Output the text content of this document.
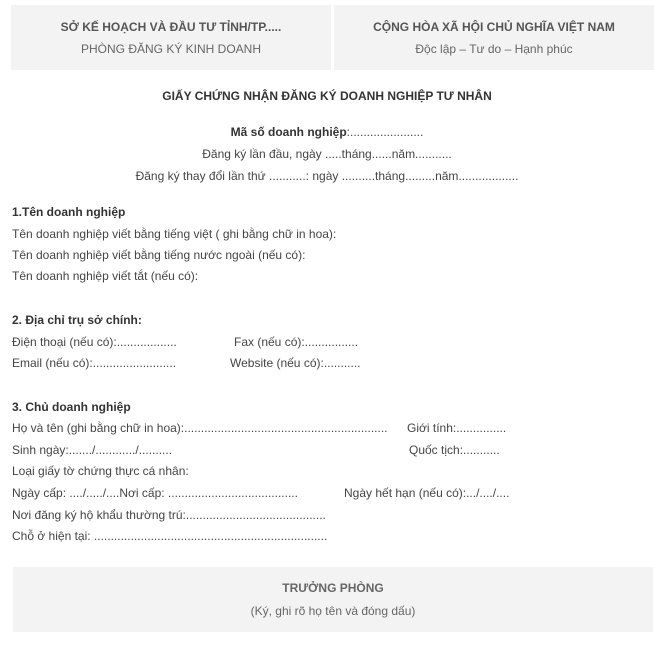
SỞ KẾ HOẠCH VÀ ĐẦU TƯ TỈNH/TP.....
PHÒNG ĐĂNG KÝ KINH DOANH
CỘNG HÒA XÃ HỘI CHỦ NGHĨA VIỆT NAM
Độc lập – Tư do – Hạnh phúc
GIẤY CHỨNG NHẬN ĐĂNG KÝ DOANH NGHIỆP TƯ NHÂN
Mã số doanh nghiệp:......................
Đăng ký lần đầu, ngày .....tháng......năm...........
Đăng ký thay đổi lần thứ ...........: ngày ..........tháng.........năm..................
1.Tên doanh nghiệp
Tên doanh nghiệp viết bằng tiếng việt ( ghi bằng chữ in hoa):
Tên doanh nghiệp viết bằng tiếng nước ngoài (nếu có):
Tên doanh nghiệp viết tắt (nếu có):
2. Địa chỉ trụ sở chính:
Điện thoại (nếu có):..................	Fax (nếu có):................
Email (nếu có):.........................	Website (nếu có):...........
3. Chủ doanh nghiệp
Họ và tên (ghi bằng chữ in hoa):............................................................. Giới tính:...............
Sinh ngày:......./............/..........	Quốc tịch:...........
Loại giấy tờ chứng thực cá nhân:
Ngày cấp: ..../...../....Nơi cấp: .......................................	Ngày hết hạn (nếu có):.../..../....
Nơi đăng ký hộ khẩu thường trú:..........................................
Chỗ ở hiện tại: ......................................................................
TRƯỞNG PHÒNG
(Ký, ghi rõ họ tên và đóng dấu)
